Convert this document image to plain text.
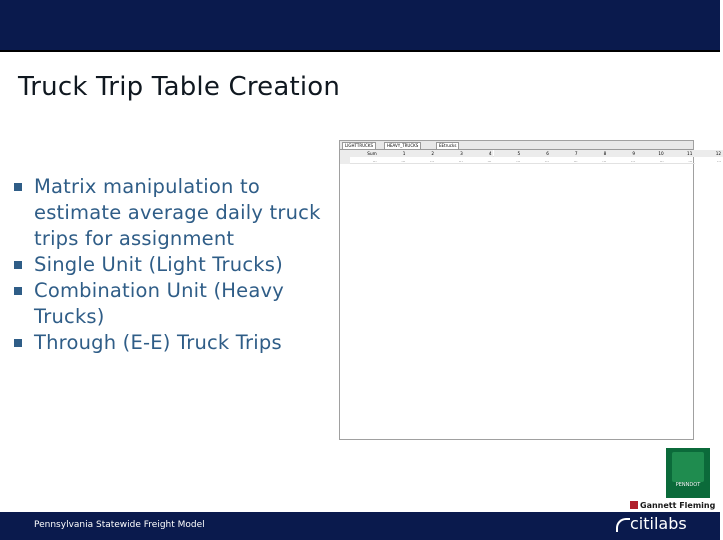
Truck Trip Table Creation
Matrix manipulation to estimate average daily truck trips for assignment
Single Unit (Light Trucks)
Combination Unit (Heavy Trucks)
Through (E-E) Truck Trips
LIGHTTRUCKS	HEAVY_TRUCKS	EEtrucks
Sum	1	2	3	4	5	6	7	8	9	10	11	12
...	...	...	...	...	...	...	...	...	...	...	...	...
PENNDOT
Gannett Fleming
Pennsylvania Statewide Freight Model	citilabs
